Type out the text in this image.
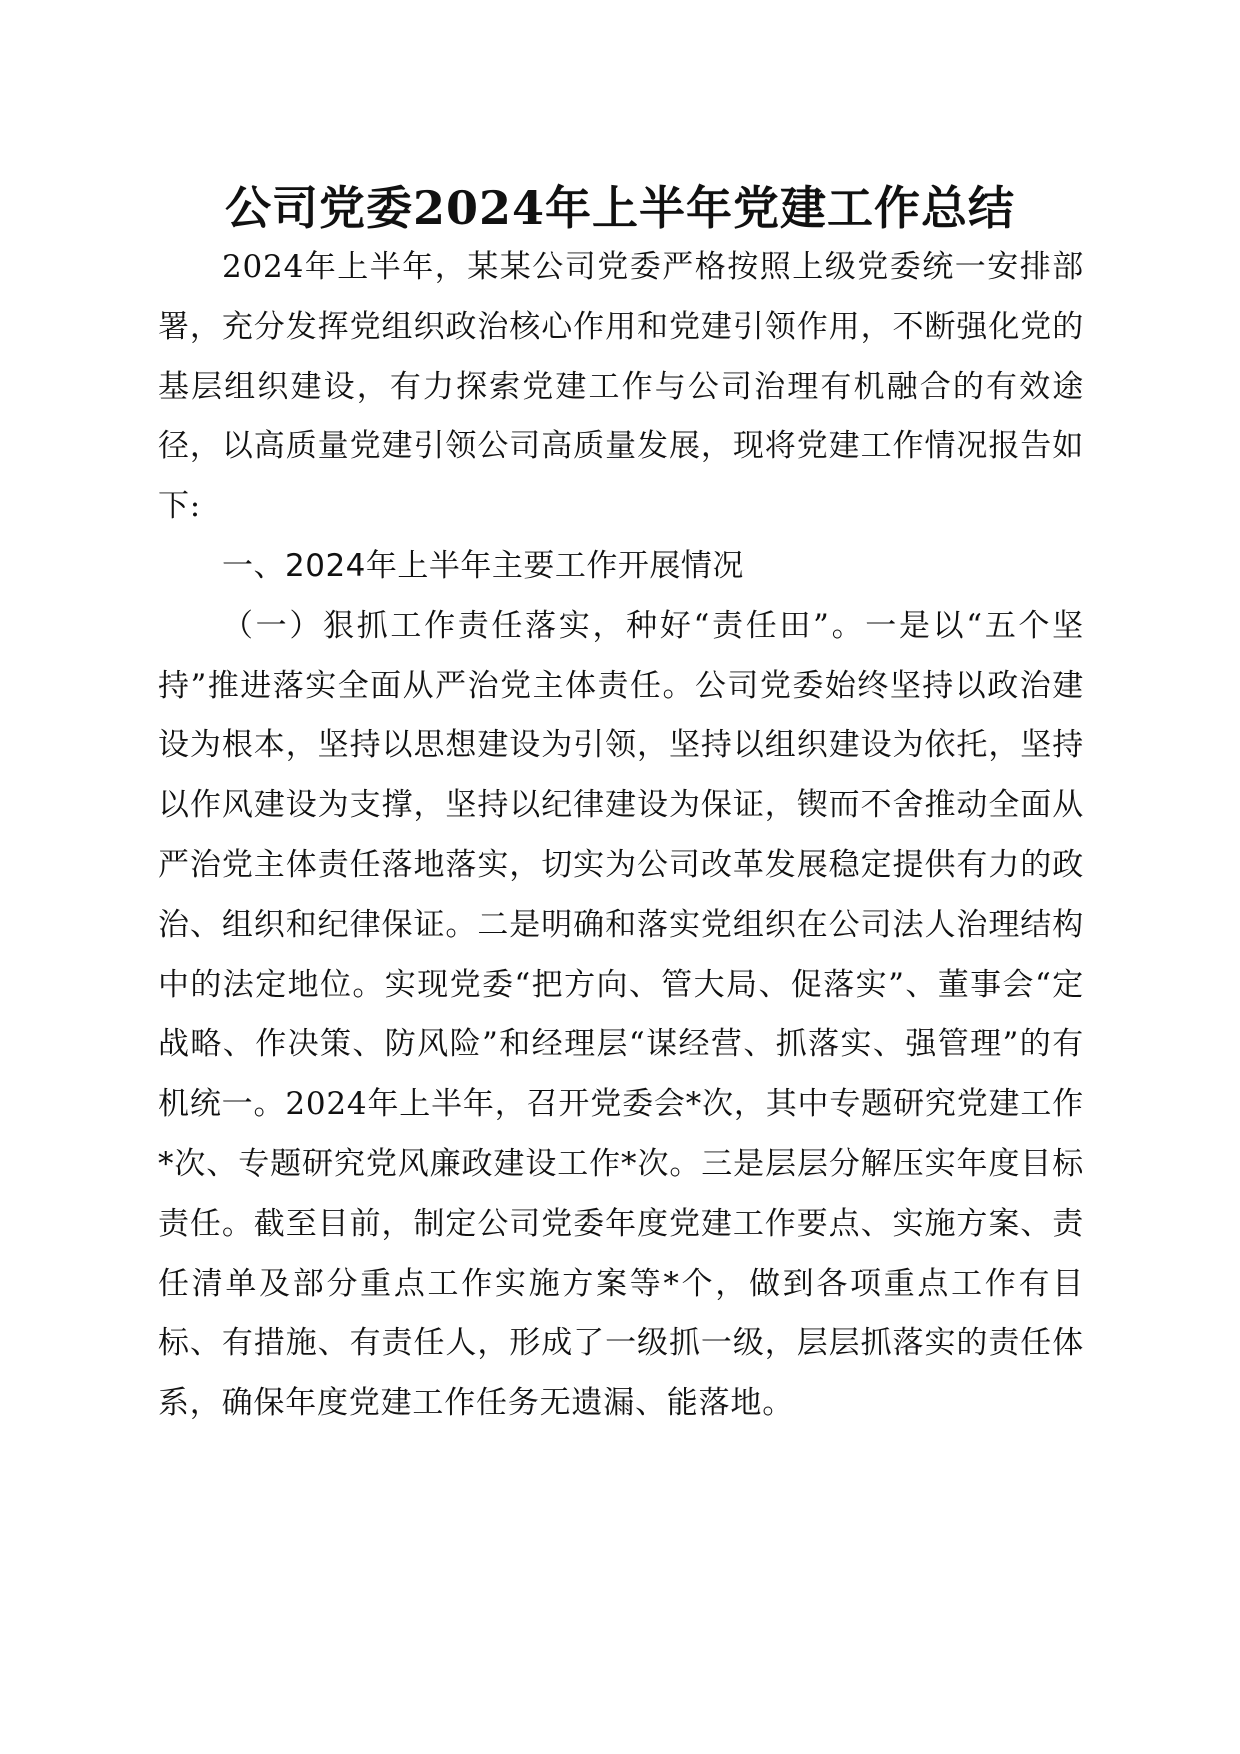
公司党委2024年上半年党建工作总结

2024年上半年，某某公司党委严格按照上级党委统一安排部署，充分发挥党组织政治核心作用和党建引领作用，不断强化党的基层组织建设，有力探索党建工作与公司治理有机融合的有效途径，以高质量党建引领公司高质量发展，现将党建工作情况报告如下:

一、2024年上半年主要工作开展情况

（一）狠抓工作责任落实，种好“责任田”。一是以“五个坚持”推进落实全面从严治党主体责任。公司党委始终坚持以政治建设为根本，坚持以思想建设为引领，坚持以组织建设为依托，坚持以作风建设为支撑，坚持以纪律建设为保证，锲而不舍推动全面从严治党主体责任落地落实，切实为公司改革发展稳定提供有力的政治、组织和纪律保证。二是明确和落实党组织在公司法人治理结构中的法定地位。实现党委“把方向、管大局、促落实”、董事会“定战略、作决策、防风险”和经理层“谋经营、抓落实、强管理”的有机统一。2024年上半年，召开党委会*次，其中专题研究党建工作*次、专题研究党风廉政建设工作*次。三是层层分解压实年度目标责任。截至目前，制定公司党委年度党建工作要点、实施方案、责任清单及部分重点工作实施方案等*个，做到各项重点工作有目标、有措施、有责任人，形成了一级抓一级，层层抓落实的责任体系，确保年度党建工作任务无遗漏、能落地。
